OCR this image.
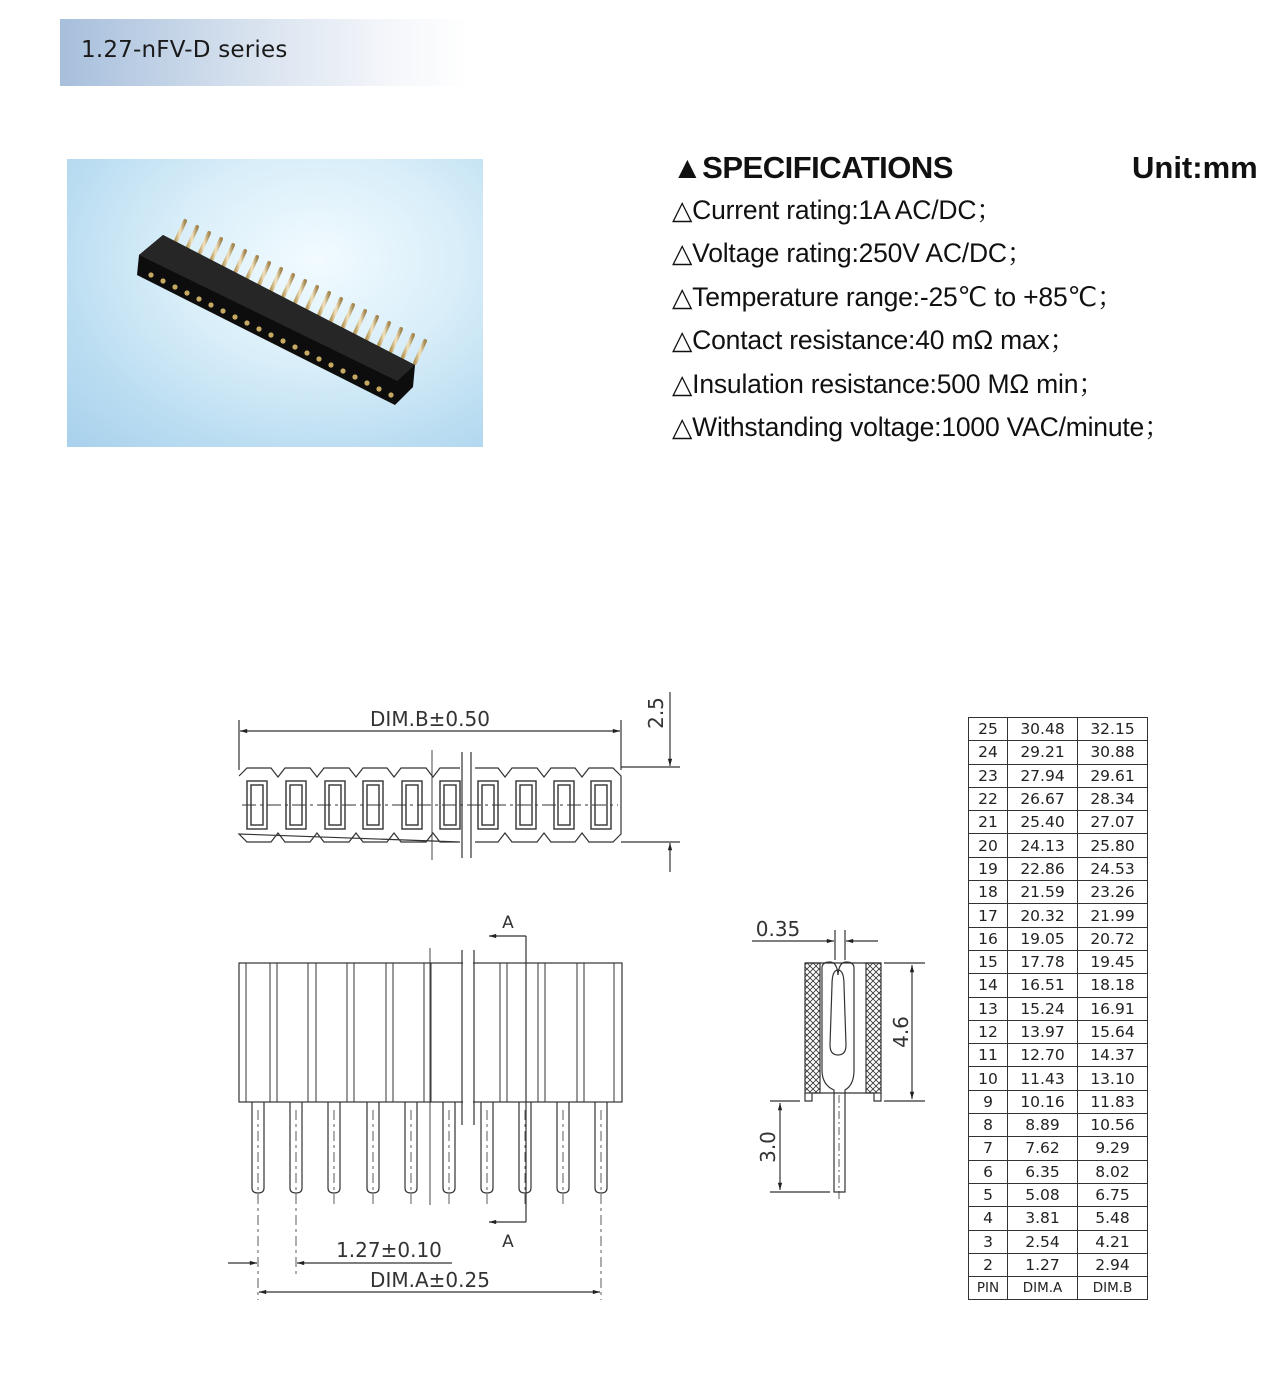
1.27-nFV-D series
▲SPECIFICATIONS	Unit:mm
△Current rating:1A AC/DC；
△Voltage rating:250V AC/DC；
△Temperature range:-25℃ to +85℃；
△Contact resistance:40 mΩ max；
△Insulation resistance:500 MΩ min；
△Withstanding voltage:1000 VAC/minute；
DIM.B±0.50	2.5
A
A
1.27±0.10
DIM.A±0.25
0.35
4.6
3.0
25	30.48	32.15
24	29.21	30.88
23	27.94	29.61
22	26.67	28.34
21	25.40	27.07
20	24.13	25.80
19	22.86	24.53
18	21.59	23.26
17	20.32	21.99
16	19.05	20.72
15	17.78	19.45
14	16.51	18.18
13	15.24	16.91
12	13.97	15.64
11	12.70	14.37
10	11.43	13.10
9	10.16	11.83
8	8.89	10.56
7	7.62	9.29
6	6.35	8.02
5	5.08	6.75
4	3.81	5.48
3	2.54	4.21
2	1.27	2.94
PIN	DIM.A	DIM.B
